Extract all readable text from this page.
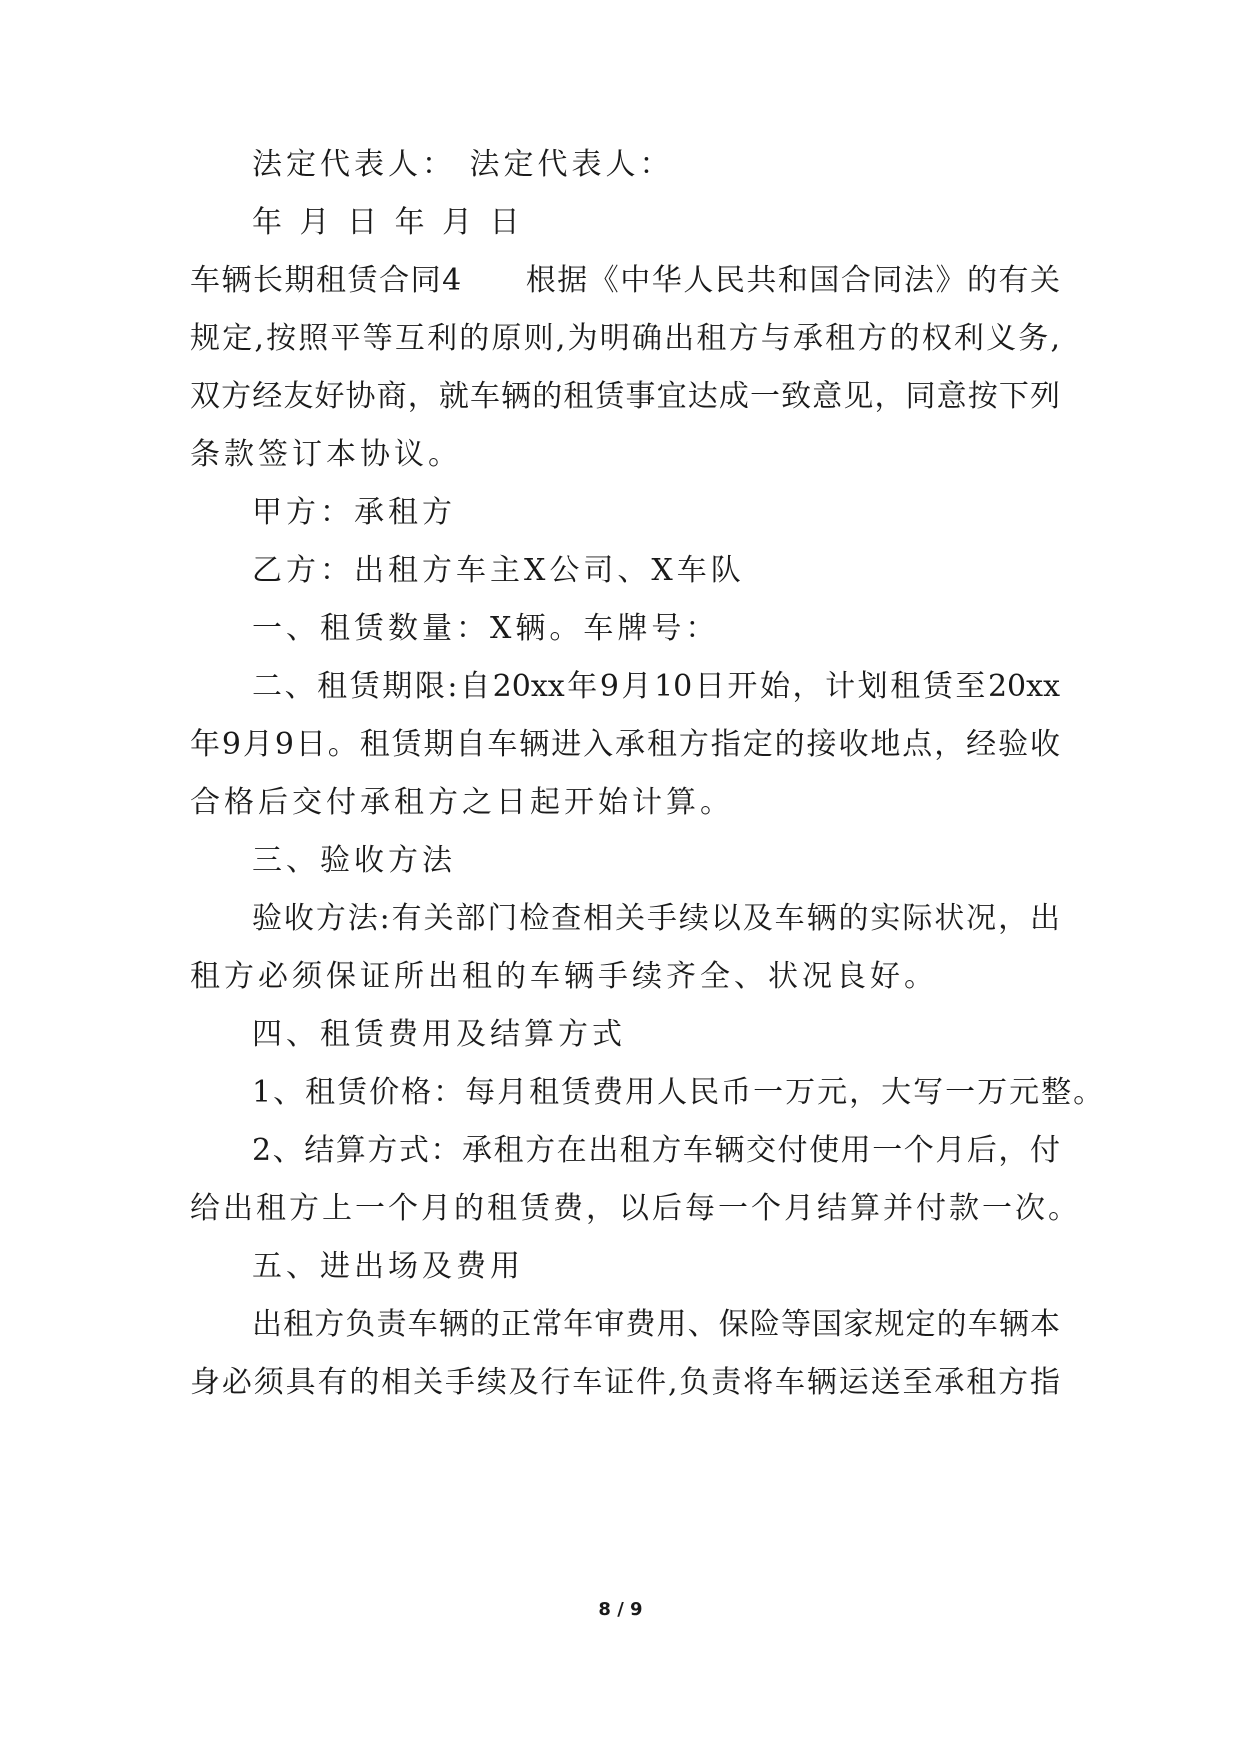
法定代表人： 法定代表人：
年 月 日 年 月 日
车辆长期租赁合同4　　根据《中华人民共和国合同法》的有关
规定,按照平等互利的原则,为明确出租方与承租方的权利义务,
双方经友好协商，就车辆的租赁事宜达成一致意见，同意按下列
条款签订本协议。
甲方：承租方
乙方：出租方车主X公司、X车队
一、租赁数量：X辆。车牌号：
二、租赁期限:自20xx年9月10日开始，计划租赁至20xx
年9月9日。租赁期自车辆进入承租方指定的接收地点，经验收
合格后交付承租方之日起开始计算。
三、验收方法
验收方法:有关部门检查相关手续以及车辆的实际状况，出
租方必须保证所出租的车辆手续齐全、状况良好。
四、租赁费用及结算方式
1、租赁价格：每月租赁费用人民币一万元，大写一万元整。
2、结算方式：承租方在出租方车辆交付使用一个月后，付
给出租方上一个月的租赁费，以后每一个月结算并付款一次。
五、进出场及费用
出租方负责车辆的正常年审费用、保险等国家规定的车辆本
身必须具有的相关手续及行车证件,负责将车辆运送至承租方指
8 / 9
